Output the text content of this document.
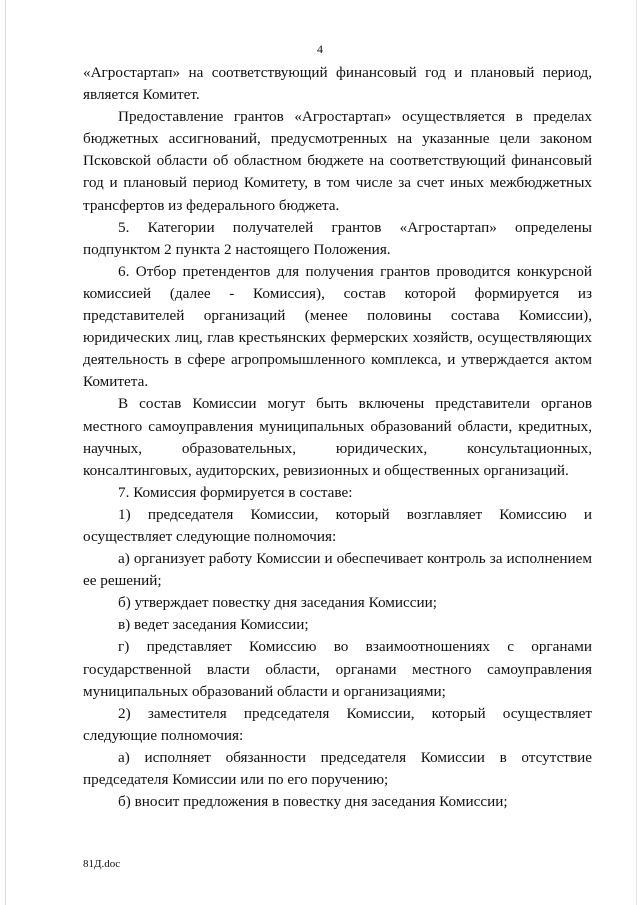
4

«Агростартап» на соответствующий финансовый год и плановый период, является Комитет.

Предоставление грантов «Агростартап» осуществляется в пределах бюджетных ассигнований, предусмотренных на указанные цели законом Псковской области об областном бюджете на соответствующий финансовый год и плановый период Комитету, в том числе за счет иных межбюджетных трансфертов из федерального бюджета.

5. Категории получателей грантов «Агростартап» определены подпунктом 2 пункта 2 настоящего Положения.

6. Отбор претендентов для получения грантов проводится конкурсной комиссией (далее - Комиссия), состав которой формируется из представителей организаций (менее половины состава Комиссии), юридических лиц, глав крестьянских фермерских хозяйств, осуществляющих деятельность в сфере агропромышленного комплекса, и утверждается актом Комитета.

В состав Комиссии могут быть включены представители органов местного самоуправления муниципальных образований области, кредитных, научных, образовательных, юридических, консультационных, консалтинговых, аудиторских, ревизионных и общественных организаций.

7. Комиссия формируется в составе:

1) председателя Комиссии, который возглавляет Комиссию и осуществляет следующие полномочия:

а) организует работу Комиссии и обеспечивает контроль за исполнением ее решений;

б) утверждает повестку дня заседания Комиссии;

в) ведет заседания Комиссии;

г) представляет Комиссию во взаимоотношениях с органами государственной власти области, органами местного самоуправления муниципальных образований области и организациями;

2) заместителя председателя Комиссии, который осуществляет следующие полномочия:

а) исполняет обязанности председателя Комиссии в отсутствие председателя Комиссии или по его поручению;

б) вносит предложения в повестку дня заседания Комиссии;

81Д.doc
